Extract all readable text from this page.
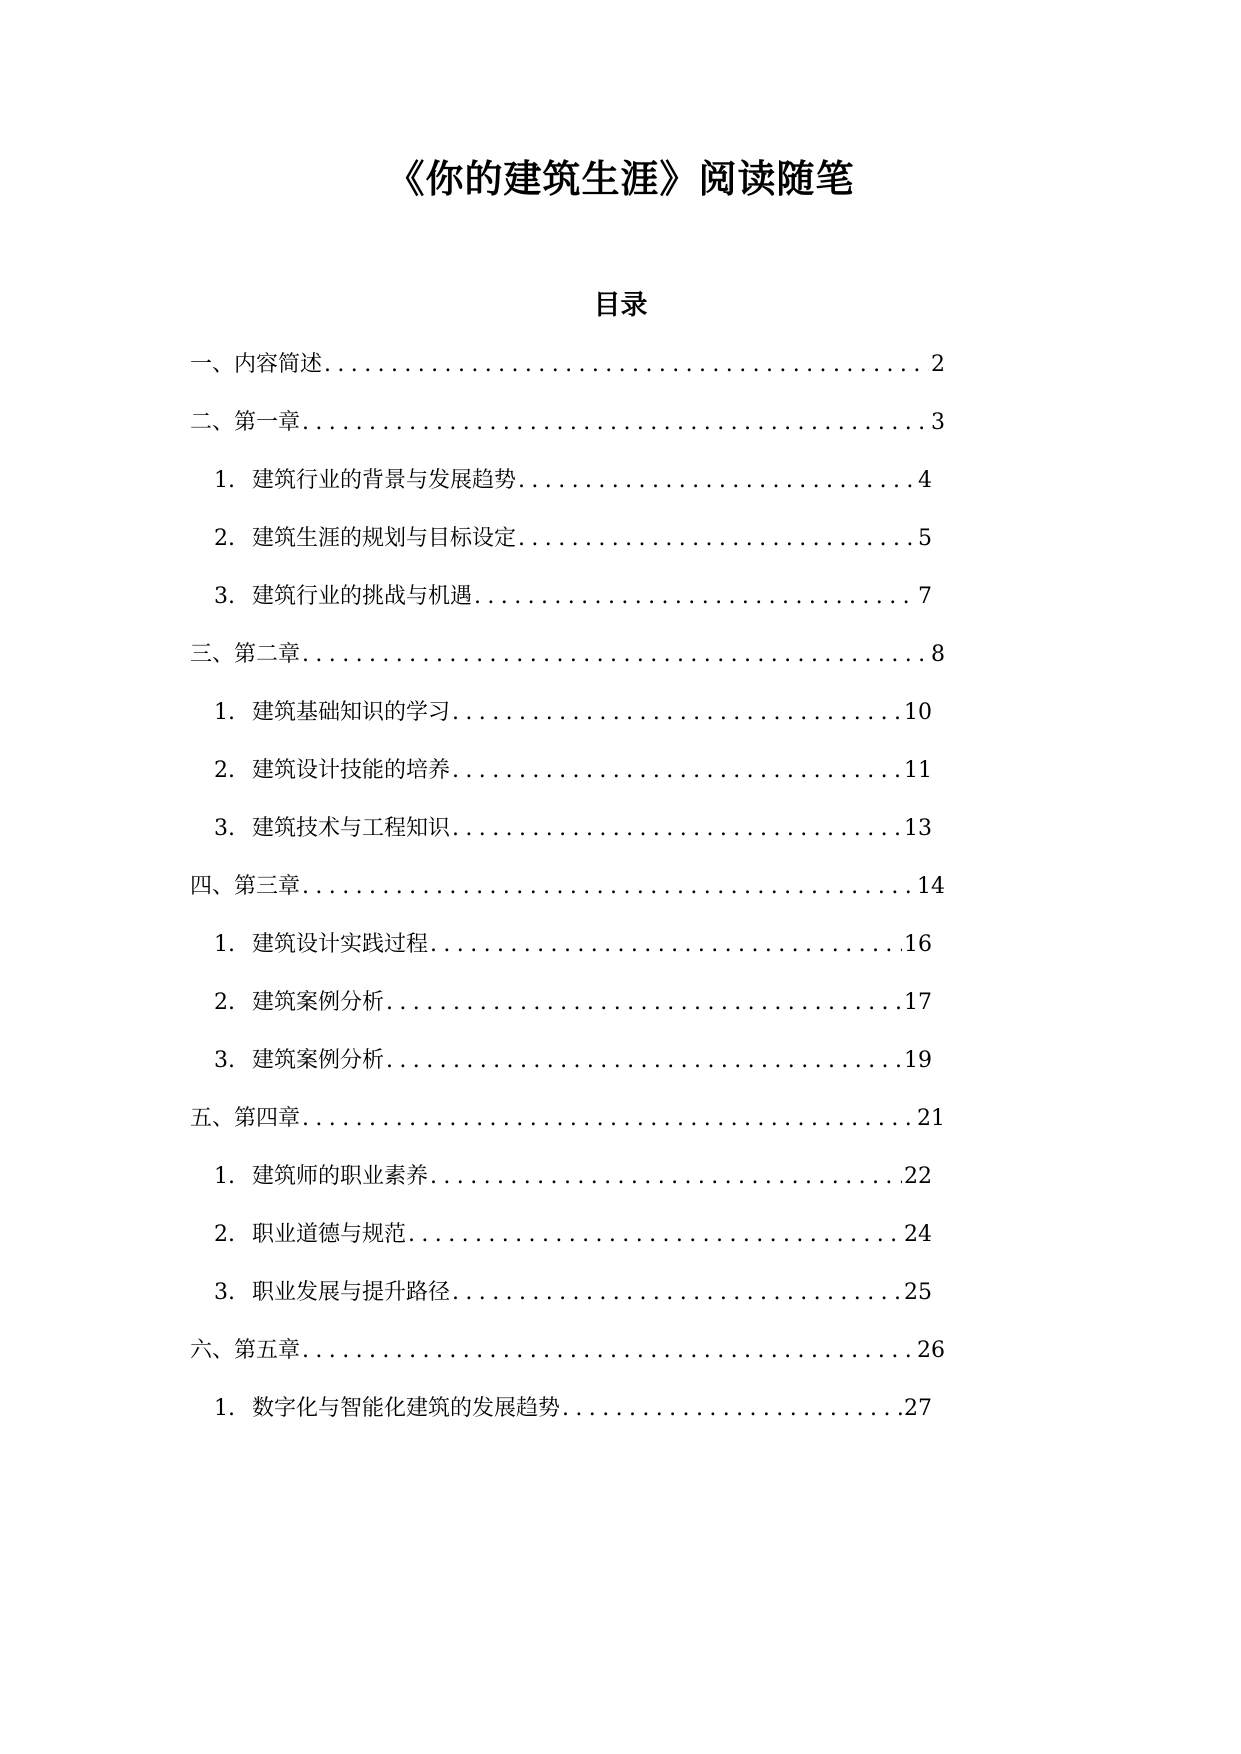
《你的建筑生涯》阅读随笔
目录
一、内容简述 .....	2
二、第一章 .....	3
1. 建筑行业的背景与发展趋势 .....	4
2. 建筑生涯的规划与目标设定 .....	5
3. 建筑行业的挑战与机遇 .....	7
三、第二章 .....	8
1. 建筑基础知识的学习 .....	10
2. 建筑设计技能的培养 .....	11
3. 建筑技术与工程知识 .....	13
四、第三章 .....	14
1. 建筑设计实践过程 .....	16
2. 建筑案例分析 .....	17
3. 建筑案例分析 .....	19
五、第四章 .....	21
1. 建筑师的职业素养 .....	22
2. 职业道德与规范 .....	24
3. 职业发展与提升路径 .....	25
六、第五章 .....	26
1. 数字化与智能化建筑的发展趋势 .....	27
